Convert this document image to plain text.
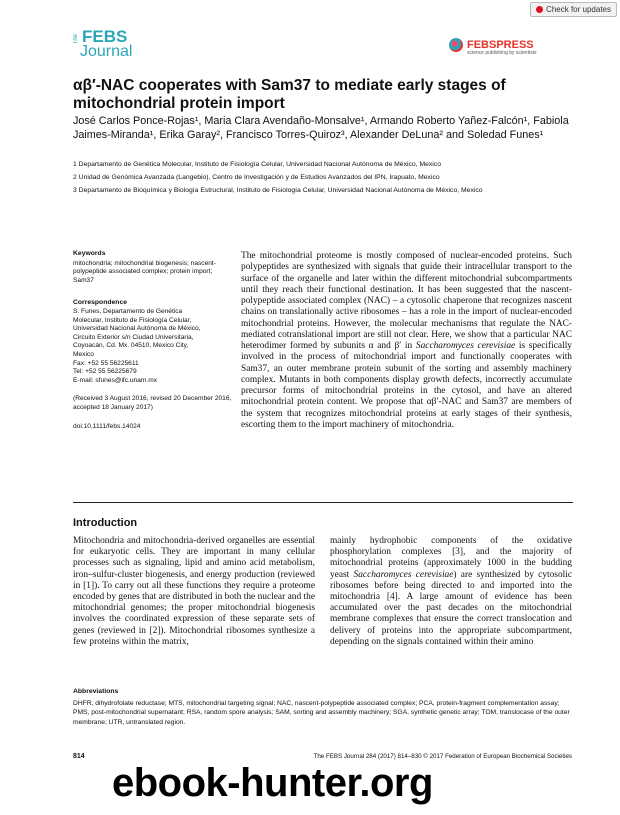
Check for updates
The FEBS
Journal	FEBSPRESS
science publishing by scientists
αβ′-NAC cooperates with Sam37 to mediate early stages of mitochondrial protein import

José Carlos Ponce-Rojas¹, Maria Clara Avendaño-Monsalve¹, Armando Roberto Yañez-Falcón¹, Fabiola Jaimes-Miranda¹, Erika Garay², Francisco Torres-Quiroz³, Alexander DeLuna² and Soledad Funes¹

1 Departamento de Genética Molecular, Instituto de Fisiología Celular, Universidad Nacional Autónoma de México, Mexico
2 Unidad de Genómica Avanzada (Langebio), Centro de Investigación y de Estudios Avanzados del IPN, Irapuato, Mexico
3 Departamento de Bioquímica y Biología Estructural, Instituto de Fisiología Celular, Universidad Nacional Autónoma de México, Mexico
Keywords
mitochondria; mitochondrial biogenesis; nascent-polypeptide associated complex; protein import; Sam37
Correspondence
S. Funes, Departamento de Genética
Molecular, Instituto de Fisiología Celular,
Universidad Nacional Autónoma de México,
Circuito Exterior s/n Ciudad Universitaria,
Coyoacán, Cd. Mx. 04510, Mexico City,
Mexico
Fax: +52 55 56225611
Tel: +52 55 56225679
E-mail: sfunes@ifc.unam.mx
(Received 3 August 2016, revised 20 December 2016, accepted 18 January 2017)
doi:10.1111/febs.14024

The mitochondrial proteome is mostly composed of nuclear-encoded proteins. Such polypeptides are synthesized with signals that guide their intracellular transport to the surface of the organelle and later within the different mitochondrial subcompartments until they reach their functional destination. It has been suggested that the nascent-polypeptide associated complex (NAC) – a cytosolic chaperone that recognizes nascent chains on translationally active ribosomes – has a role in the import of nuclear-encoded mitochondrial proteins. However, the molecular mechanisms that regulate the NAC-mediated cotranslational import are still not clear. Here, we show that a particular NAC heterodimer formed by subunits α and β′ in Saccharomyces cerevisiae is specifically involved in the process of mitochondrial import and functionally cooperates with Sam37, an outer membrane protein subunit of the sorting and assembly machinery complex. Mutants in both components display growth defects, incorrectly accumulate precursor forms of mitochondrial proteins in the cytosol, and have an altered mitochondrial protein content. We propose that αβ′-NAC and Sam37 are members of the system that recognizes mitochondrial proteins at early stages of their synthesis, escorting them to the import machinery of mitochondria.

Introduction

Mitochondria and mitochondria-derived organelles are essential for eukaryotic cells. They are important in many cellular processes such as signaling, lipid and amino acid metabolism, iron–sulfur-cluster biogenesis, and energy production (reviewed in [1]). To carry out all these functions they require a proteome encoded by genes that are distributed in both the nuclear and the mitochondrial genomes; the proper mitochondrial biogenesis involves the coordinated expression of these separate sets of genes (reviewed in [2]). Mitochondrial ribosomes synthesize a few proteins within the matrix,

mainly hydrophobic components of the oxidative phosphorylation complexes [3], and the majority of mitochondrial proteins (approximately 1000 in the budding yeast Saccharomyces cerevisiae) are synthesized by cytosolic ribosomes before being directed to and imported into the mitochondria [4]. A large amount of evidence has been accumulated over the past decades on the mitochondrial membrane complexes that ensure the correct translocation and delivery of proteins into the appropriate subcompartment, depending on the signals contained within their amino

Abbreviations
DHFR, dihydrofolate reductase; MTS, mitochondrial targeting signal; NAC, nascent-polypeptide associated complex; PCA, protein-fragment complementation assay; PMS, post-mitochondrial supernatant; RSA, random spore analysis; SAM, sorting and assembly machinery; SGA, synthetic genetic array; TOM, translocase of the outer membrane; UTR, untranslated region.
814	The FEBS Journal 284 (2017) 814–830 © 2017 Federation of European Biochemical Societies
ebook-hunter.org
